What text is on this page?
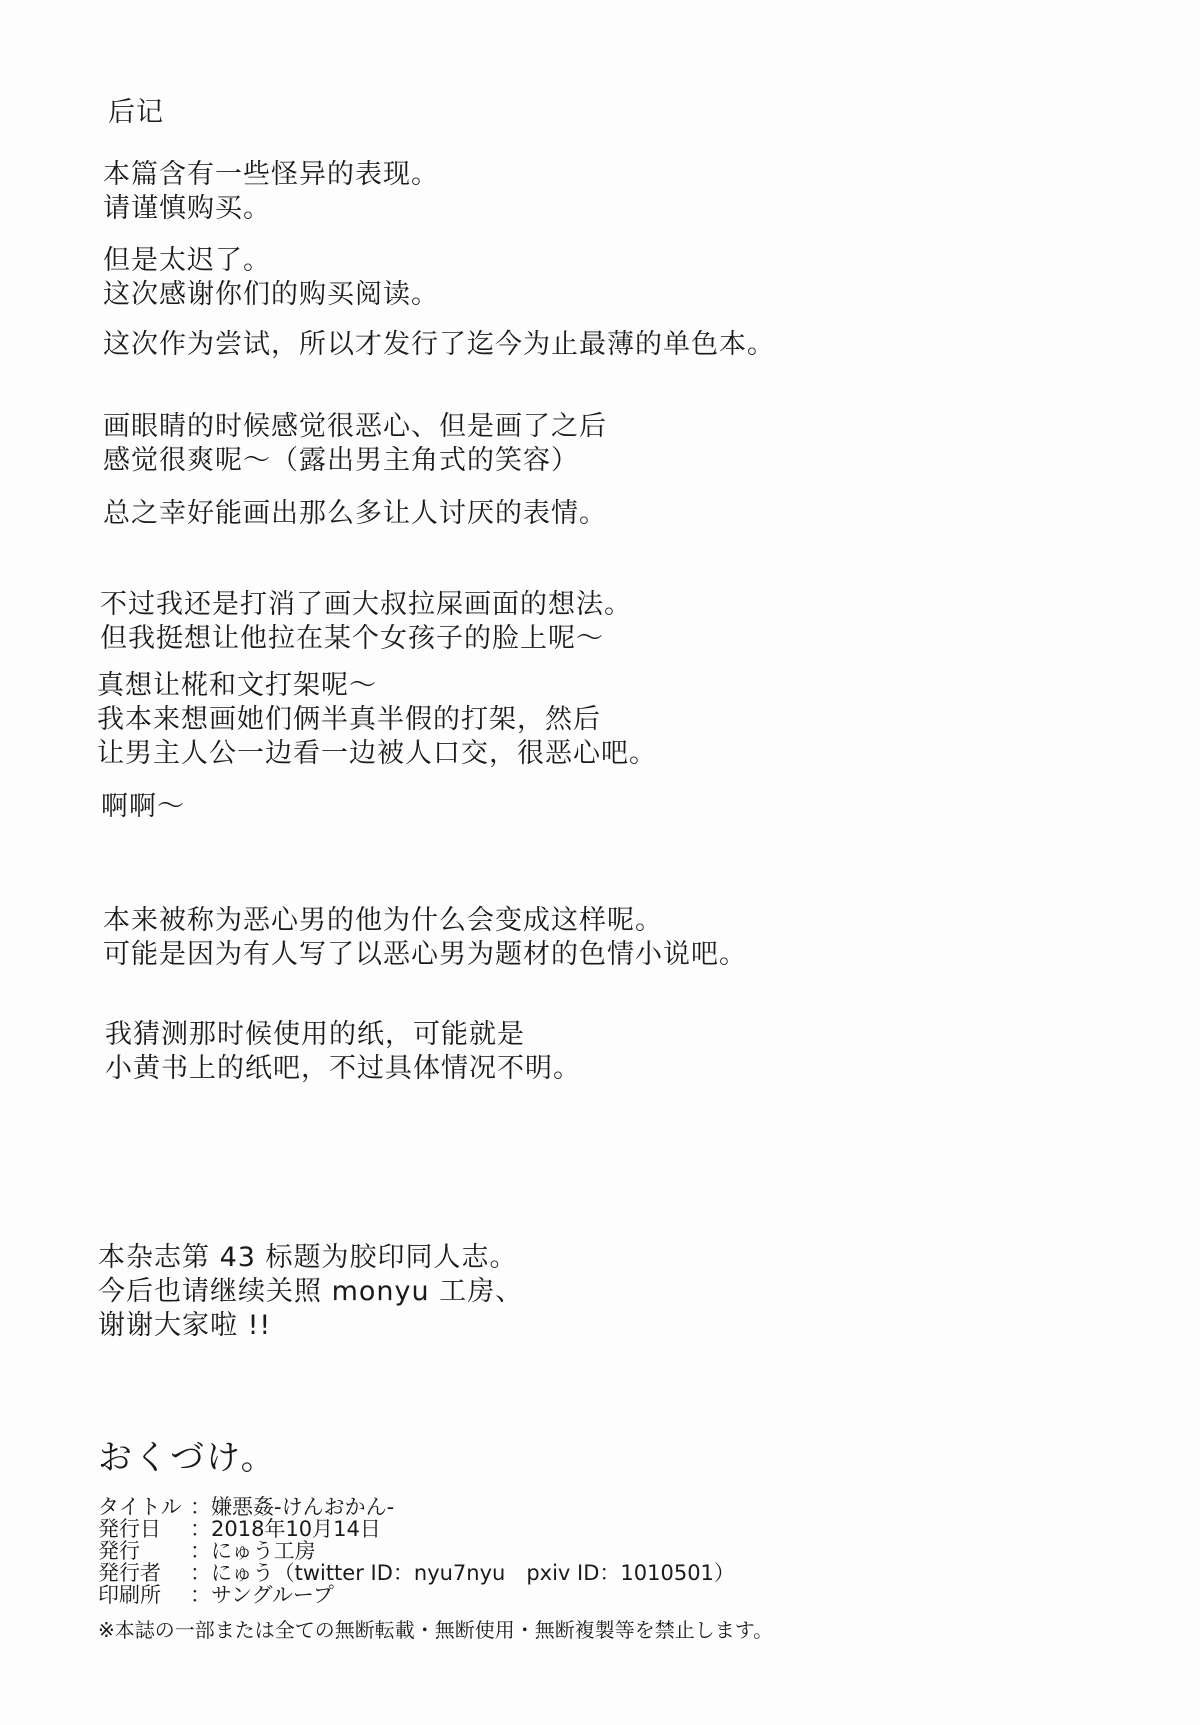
后记
本篇含有一些怪异的表现。
请谨慎购买。
但是太迟了。
这次感谢你们的购买阅读。
这次作为尝试，所以才发行了迄今为止最薄的单色本。
画眼睛的时候感觉很恶心、但是画了之后
感觉很爽呢～（露出男主角式的笑容）
总之幸好能画出那么多让人讨厌的表情。
不过我还是打消了画大叔拉屎画面的想法。
但我挺想让他拉在某个女孩子的脸上呢～
真想让椛和文打架呢～
我本来想画她们俩半真半假的打架，然后
让男主人公一边看一边被人口交，很恶心吧。
啊啊～
本来被称为恶心男的他为什么会变成这样呢。
可能是因为有人写了以恶心男为题材的色情小说吧。
我猜测那时候使用的纸，可能就是
小黄书上的纸吧，不过具体情况不明。
本杂志第 43 标题为胶印同人志。
今后也请继续关照 monyu 工房、
谢谢大家啦 !!
おくづけ。
タイトル ：嫌悪姦-けんおかん-
発行日 ：2018年10月14日
発行 ：にゅう工房
発行者 ：にゅう（twitter ID：nyu7nyu　pxiv ID：1010501）
印刷所 ：サングループ
※本誌の一部または全ての無断転載・無断使用・無断複製等を禁止します。
